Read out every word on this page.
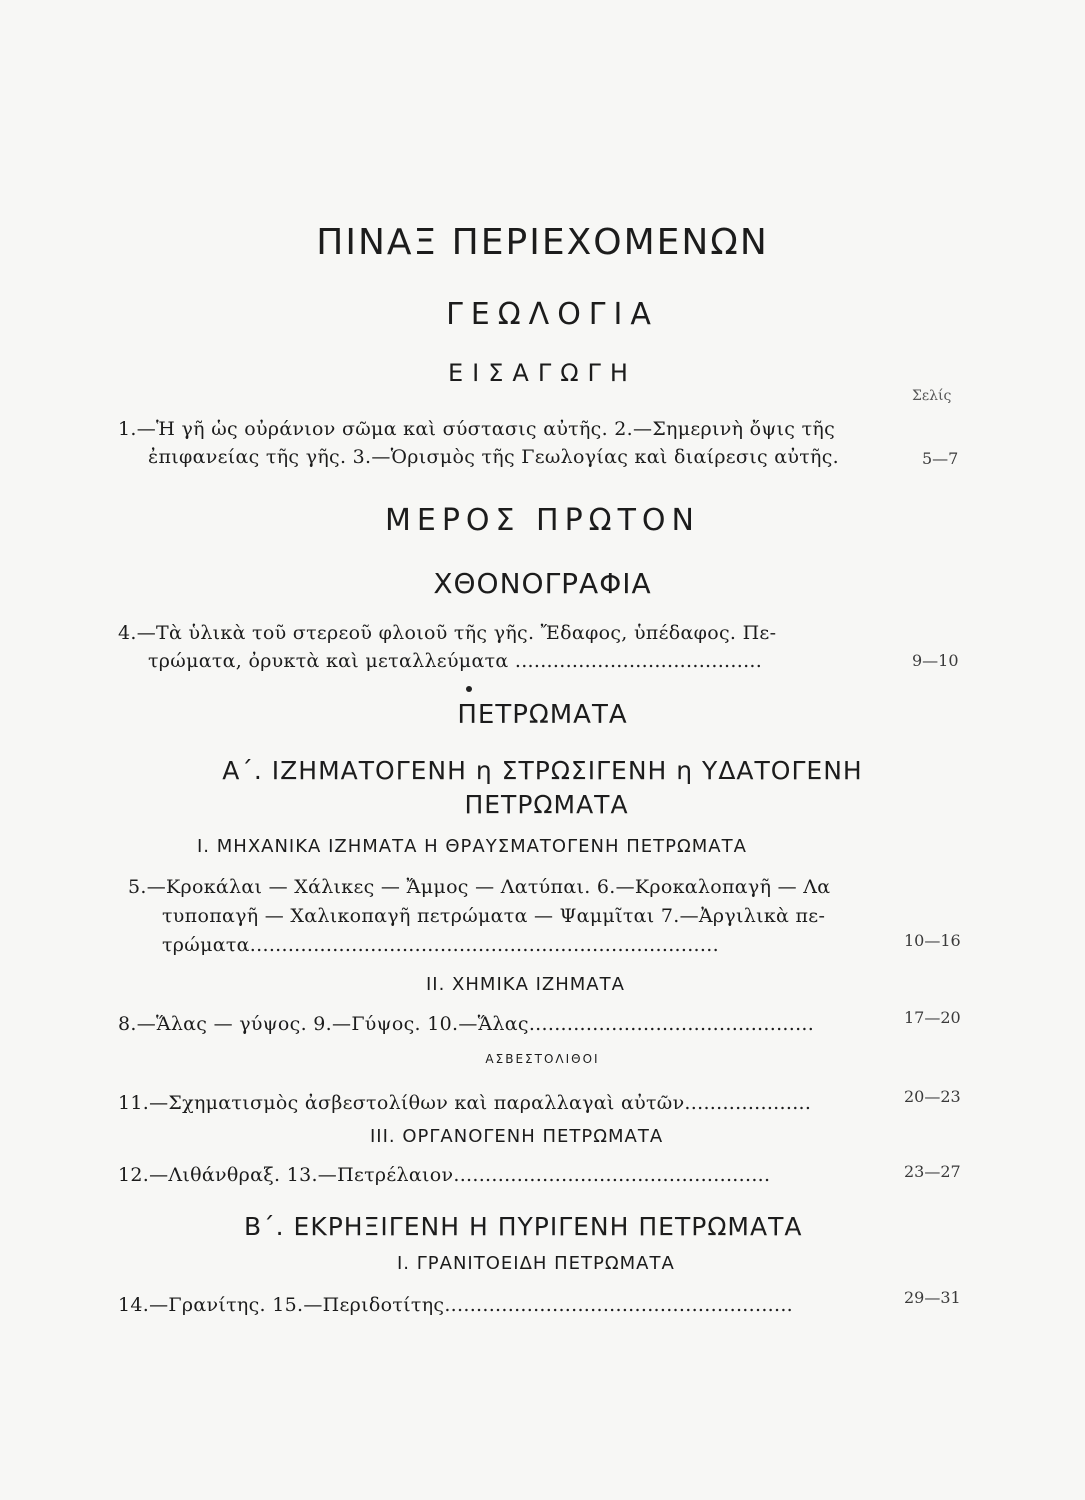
ΠΙΝΑΞ ΠΕΡΙΕΧΟΜΕΝΩΝ
ΓΕΩΛΟΓΙΑ
ΕΙΣΑΓΩΓΗ
Σελίς
1.—Ἡ γῆ ὡς οὐράνιον σῶμα καὶ σύστασις αὐτῆς. 2.—Σημερινὴ ὄψις τῆς
ἐπιφανείας τῆς γῆς. 3.—Ὁρισμὸς τῆς Γεωλογίας καὶ διαίρεσις αὐτῆς.	5—7
ΜΕΡΟΣ ΠΡΩΤΟΝ
ΧΘΟΝΟΓΡΑΦΙΑ
4.—Τὰ ὑλικὰ τοῦ στερεοῦ φλοιοῦ τῆς γῆς. Ἔδαφος, ὑπέδαφος. Πε-
τρώματα, ὀρυκτὰ καὶ μεταλλεύματα .......................................	9—10
ΠΕΤΡΩΜΑΤΑ
Α΄. ΙΖΗΜΑΤΟΓΕΝΗ η ΣΤΡΩΣΙΓΕΝΗ η ΥΔΑΤΟΓΕΝΗ
ΠΕΤΡΩΜΑΤΑ
Ι. ΜΗΧΑΝΙΚΑ ΙΖΗΜΑΤΑ Η ΘΡΑΥΣΜΑΤΟΓΕΝΗ ΠΕΤΡΩΜΑΤΑ
5.—Κροκάλαι — Χάλικες — Ἄμμος — Λατύπαι. 6.—Κροκαλοπαγῆ — Λα
τυποπαγῆ — Χαλικοπαγῆ πετρώματα — Ψαμμῖται 7.—Ἀργιλικὰ πε-
τρώματα..........................................................................	10—16
ΙΙ. ΧΗΜΙΚΑ ΙΖΗΜΑΤΑ
8.—Ἅλας — γύψος. 9.—Γύψος. 10.—Ἅλας.............................................	17—20
ΑΣΒΕΣΤΟΛΙΘΟΙ
11.—Σχηματισμὸς ἀσβεστολίθων καὶ παραλλαγαὶ αὐτῶν....................	20—23
ΙΙΙ. ΟΡΓΑΝΟΓΕΝΗ ΠΕΤΡΩΜΑΤΑ
12.—Λιθάνθραξ. 13.—Πετρέλαιον..................................................	23—27
Β΄. ΕΚΡΗΞΙΓΕΝΗ Η ΠΥΡΙΓΕΝΗ ΠΕΤΡΩΜΑΤΑ
Ι. ΓΡΑΝΙΤΟΕΙΔΗ ΠΕΤΡΩΜΑΤΑ
14.—Γρανίτης. 15.—Περιδοτίτης.......................................................	29—31
